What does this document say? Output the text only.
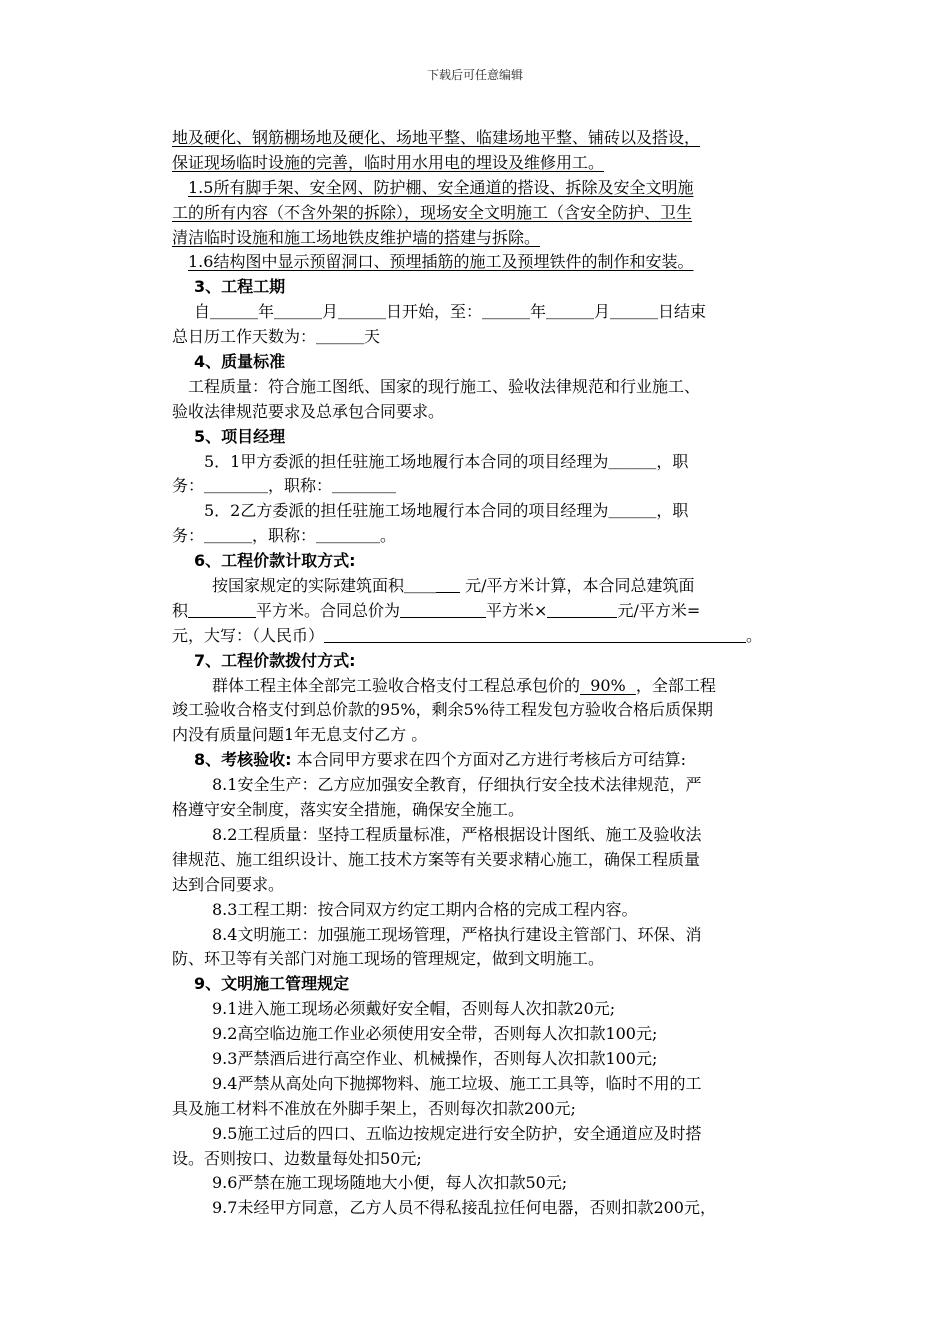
下载后可任意编辑
地及硬化、钢筋棚场地及硬化、场地平整、临建场地平整、铺砖以及搭设，
保证现场临时设施的完善，临时用水用电的埋设及维修用工。
1.5所有脚手架、安全网、防护棚、安全通道的搭设、拆除及安全文明施
工的所有内容（不含外架的拆除），现场安全文明施工（含安全防护、卫生
清洁临时设施和施工场地铁皮维护墙的搭建与拆除。
1.6结构图中显示预留洞口、预埋插筋的施工及预埋铁件的制作和安装。
3、工程工期
自＿＿＿年＿＿＿月＿＿＿日开始，至：＿＿＿年＿＿＿月＿＿＿日结束
总日历工作天数为：＿＿＿天
4、质量标准
工程质量：符合施工图纸、国家的现行施工、验收法律规范和行业施工、
验收法律规范要求及总承包合同要求。
5、项目经理
5．1甲方委派的担任驻施工场地履行本合同的项目经理为＿＿＿，职
务：＿＿＿＿，职称：＿＿＿＿
5．2乙方委派的担任驻施工场地履行本合同的项目经理为＿＿＿，职
务：＿＿＿，职称：＿＿＿＿。
6、工程价款计取方式:
按国家规定的实际建筑面积＿＿ 元/平方米计算，本合同总建筑面
积	平方米。合同总价为	平方米×	元/平方米=
元，大写：（人民币）	。
7、工程价款拨付方式:
群体工程主体全部完工验收合格支付工程总承包价的  90%  ，全部工程
竣工验收合格支付到总价款的95%，剩余5%待工程发包方验收合格后质保期
内没有质量问题1年无息支付乙方 。
8、考核验收: 本合同甲方要求在四个方面对乙方进行考核后方可结算:
8.1安全生产：乙方应加强安全教育，仔细执行安全技术法律规范，严
格遵守安全制度，落实安全措施，确保安全施工。
8.2工程质量：坚持工程质量标准，严格根据设计图纸、施工及验收法
律规范、施工组织设计、施工技术方案等有关要求精心施工，确保工程质量
达到合同要求。
8.3工程工期：按合同双方约定工期内合格的完成工程内容。
8.4文明施工：加强施工现场管理，严格执行建设主管部门、环保、消
防、环卫等有关部门对施工现场的管理规定，做到文明施工。
9、文明施工管理规定
9.1进入施工现场必须戴好安全帽，否则每人次扣款20元;
9.2高空临边施工作业必须使用安全带，否则每人次扣款100元;
9.3严禁酒后进行高空作业、机械操作，否则每人次扣款100元;
9.4严禁从高处向下抛掷物料、施工垃圾、施工工具等，临时不用的工
具及施工材料不准放在外脚手架上，否则每次扣款200元;
9.5施工过后的四口、五临边按规定进行安全防护，安全通道应及时搭
设。否则按口、边数量每处扣50元;
9.6严禁在施工现场随地大小便，每人次扣款50元;
9.7未经甲方同意，乙方人员不得私接乱拉任何电器，否则扣款200元，
